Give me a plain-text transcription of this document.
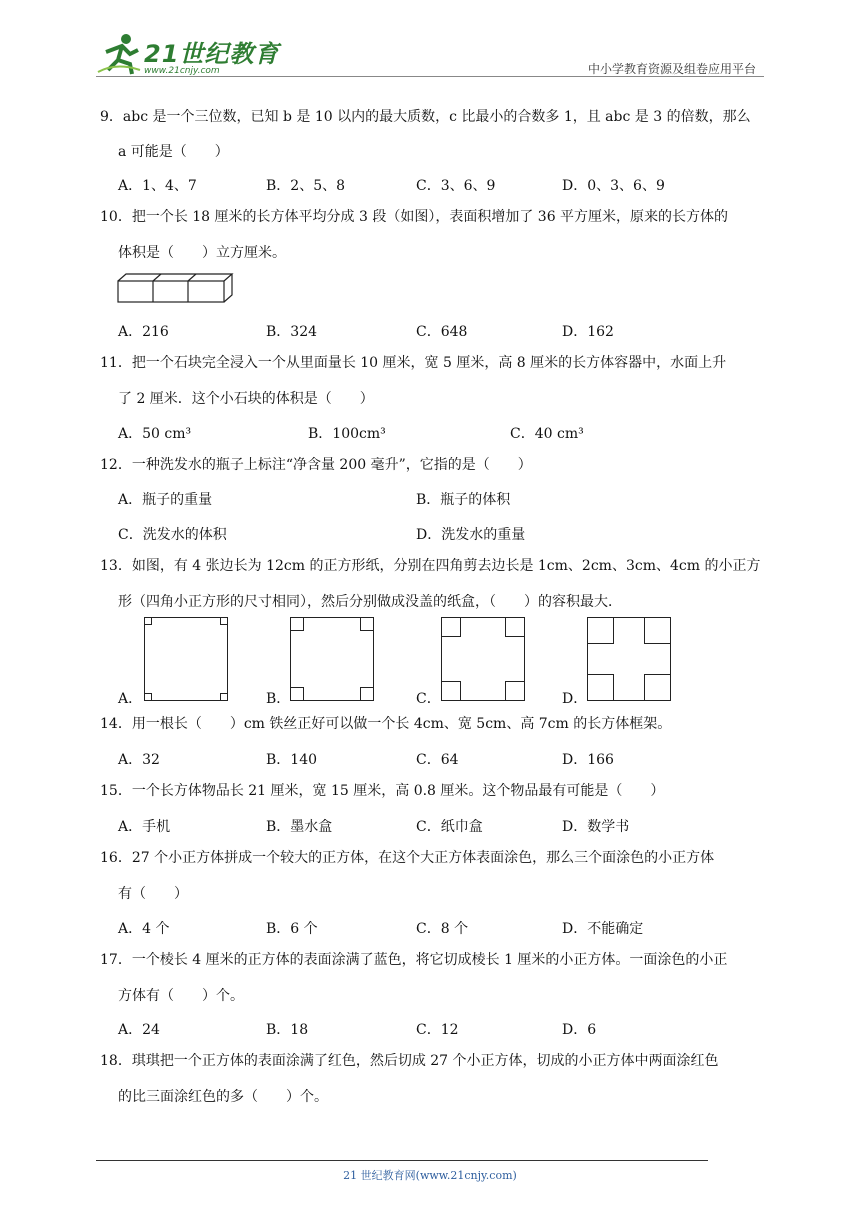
21世纪教育
www.21cnjy.com	中小学教育资源及组卷应用平台
9．abc 是一个三位数，已知 b 是 10 以内的最大质数，c 比最小的合数多 1，且 abc 是 3 的倍数，那么
a 可能是（　　）
A．1、4、7	B．2、5、8	C．3、6、9	D．0、3、6、9
10．把一个长 18 厘米的长方体平均分成 3 段（如图），表面积增加了 36 平方厘米，原来的长方体的
体积是（　　）立方厘米。
A．216	B．324	C．648	D．162
11．把一个石块完全浸入一个从里面量长 10 厘米，宽 5 厘米，高 8 厘米的长方体容器中，水面上升
了 2 厘米．这个小石块的体积是（　　）
A．50 cm³	B．100cm³	C．40 cm³
12．一种洗发水的瓶子上标注“净含量 200 毫升”，它指的是（　　）
A．瓶子的重量	B．瓶子的体积
C．洗发水的体积	D．洗发水的重量
13．如图，有 4 张边长为 12cm 的正方形纸，分别在四角剪去边长是 1cm、2cm、3cm、4cm 的小正方
形（四角小正方形的尺寸相同），然后分别做成没盖的纸盒，（　　）的容积最大．
A．	B．	C．	D．
14．用一根长（　　）cm 铁丝正好可以做一个长 4cm、宽 5cm、高 7cm 的长方体框架。
A．32	B．140	C．64	D．166
15．一个长方体物品长 21 厘米，宽 15 厘米，高 0.8 厘米。这个物品最有可能是（　　）
A．手机	B．墨水盒	C．纸巾盒	D．数学书
16．27 个小正方体拼成一个较大的正方体，在这个大正方体表面涂色，那么三个面涂色的小正方体
有（　　）
A．4 个	B．6 个	C．8 个	D．不能确定
17．一个棱长 4 厘米的正方体的表面涂满了蓝色，将它切成棱长 1 厘米的小正方体。一面涂色的小正
方体有（　　）个。
A．24	B．18	C．12	D．6
18．琪琪把一个正方体的表面涂满了红色，然后切成 27 个小正方体，切成的小正方体中两面涂红色
的比三面涂红色的多（　　）个。
21 世纪教育网(www.21cnjy.com)
